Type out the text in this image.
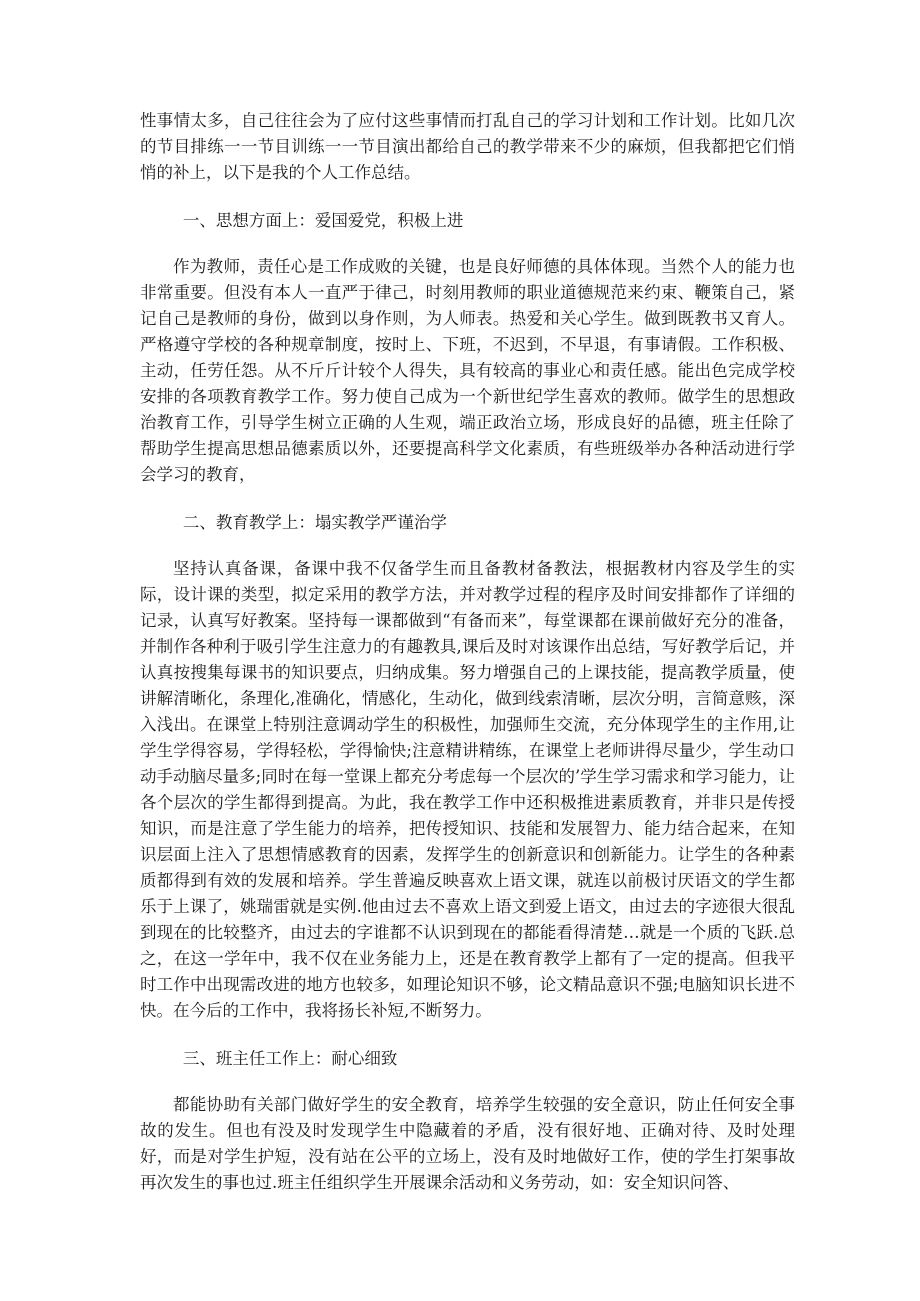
性事情太多，自己往往会为了应付这些事情而打乱自己的学习计划和工作计划。比如几次的节目排练一一节目训练一一节目演出都给自己的教学带来不少的麻烦，但我都把它们悄悄的补上，以下是我的个人工作总结。

一、思想方面上：爱国爱党，积极上进

作为教师，责任心是工作成败的关键，也是良好师德的具体体现。当然个人的能力也非常重要。但没有本人一直严于律己，时刻用教师的职业道德规范来约束、鞭策自己，紧记自己是教师的身份，做到以身作则，为人师表。热爱和关心学生。做到既教书又育人。严格遵守学校的各种规章制度，按时上、下班，不迟到，不早退，有事请假。工作积极、主动，任劳任怨。从不斤斤计较个人得失，具有较高的事业心和责任感。能出色完成学校安排的各项教育教学工作。努力使自己成为一个新世纪学生喜欢的教师。做学生的思想政治教育工作，引导学生树立正确的人生观，端正政治立场，形成良好的品德，班主任除了帮助学生提高思想品德素质以外，还要提高科学文化素质，有些班级举办各种活动进行学会学习的教育，

二、教育教学上：塌实教学严谨治学

坚持认真备课，备课中我不仅备学生而且备教材备教法，根据教材内容及学生的实际，设计课的类型，拟定采用的教学方法，并对教学过程的程序及时间安排都作了详细的记录，认真写好教案。坚持每一课都做到“有备而来”，每堂课都在课前做好充分的准备，并制作各种利于吸引学生注意力的有趣教具,课后及时对该课作出总结，写好教学后记，并认真按搜集每课书的知识要点，归纳成集。努力增强自己的上课技能，提高教学质量，使讲解清晰化，条理化,准确化，情感化，生动化，做到线索清晰，层次分明，言简意赅，深入浅出。在课堂上特别注意调动学生的积极性，加强师生交流，充分体现学生的主作用,让学生学得容易，学得轻松，学得愉快;注意精讲精练，在课堂上老师讲得尽量少，学生动口动手动脑尽量多;同时在每一堂课上都充分考虑每一个层次的’学生学习需求和学习能力，让各个层次的学生都得到提高。为此，我在教学工作中还积极推进素质教育，并非只是传授知识，而是注意了学生能力的培养，把传授知识、技能和发展智力、能力结合起来，在知识层面上注入了思想情感教育的因素，发挥学生的创新意识和创新能力。让学生的各种素质都得到有效的发展和培养。学生普遍反映喜欢上语文课，就连以前极讨厌语文的学生都乐于上课了，姚瑞雷就是实例.他由过去不喜欢上语文到爱上语文，由过去的字迹很大很乱到现在的比较整齐，由过去的字谁都不认识到现在的都能看得清楚…就是一个质的飞跃.总之，在这一学年中，我不仅在业务能力上，还是在教育教学上都有了一定的提高。但我平时工作中出现需改进的地方也较多，如理论知识不够，论文精品意识不强;电脑知识长进不快。在今后的工作中，我将扬长补短,不断努力。

三、班主任工作上：耐心细致

都能协助有关部门做好学生的安全教育，培养学生较强的安全意识，防止任何安全事故的发生。但也有没及时发现学生中隐藏着的矛盾，没有很好地、正确对待、及时处理好，而是对学生护短，没有站在公平的立场上，没有及时地做好工作，使的学生打架事故再次发生的事也过.班主任组织学生开展课余活动和义务劳动，如：安全知识问答、
